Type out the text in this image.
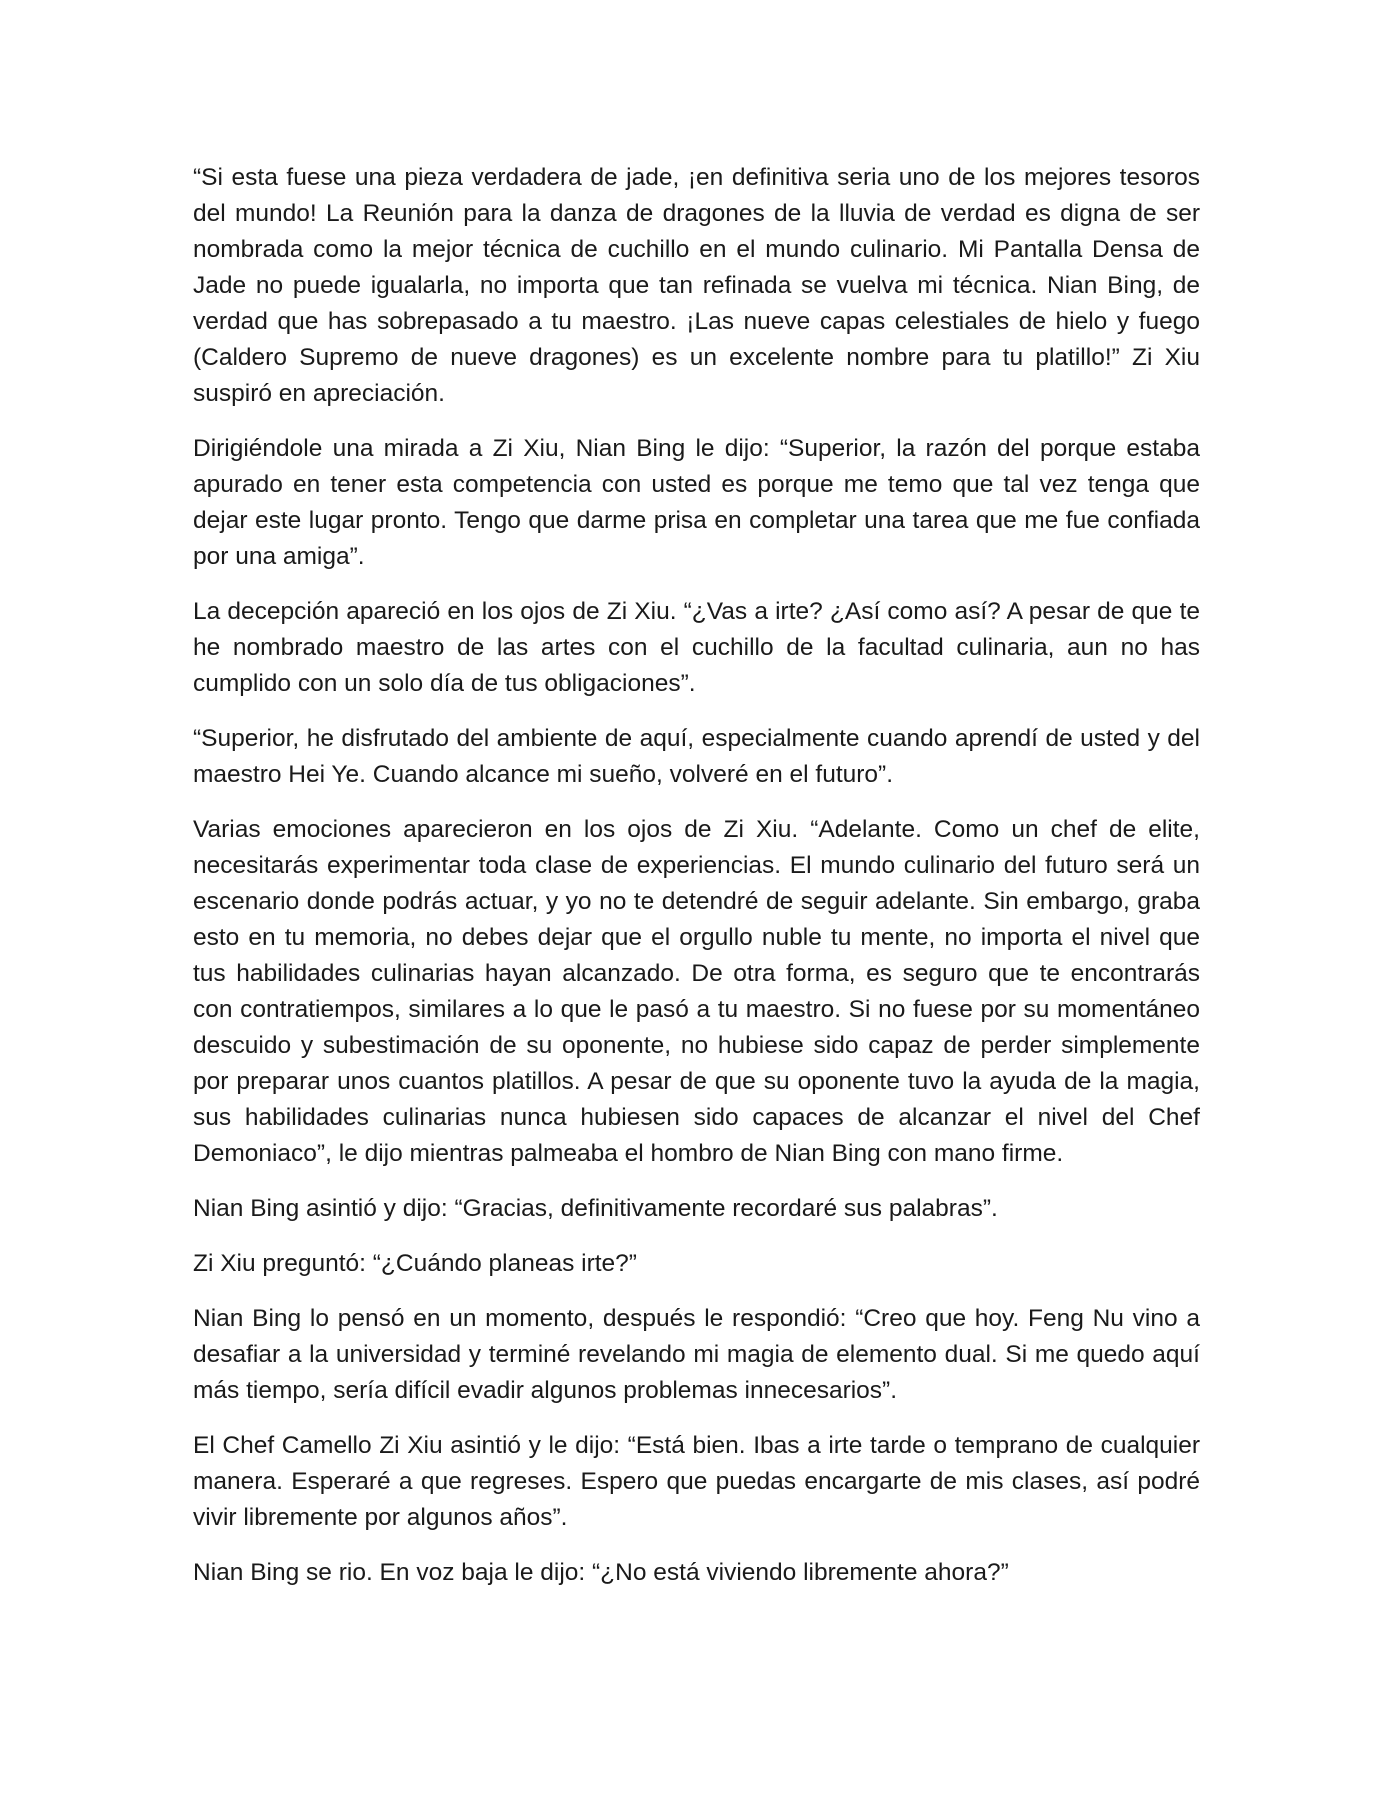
“Si esta fuese una pieza verdadera de jade, ¡en definitiva seria uno de los mejores tesoros del mundo! La Reunión para la danza de dragones de la lluvia de verdad es digna de ser nombrada como la mejor técnica de cuchillo en el mundo culinario. Mi Pantalla Densa de Jade no puede igualarla, no importa que tan refinada se vuelva mi técnica. Nian Bing, de verdad que has sobrepasado a tu maestro. ¡Las nueve capas celestiales de hielo y fuego (Caldero Supremo de nueve dragones) es un excelente nombre para tu platillo!” Zi Xiu suspiró en apreciación.

Dirigiéndole una mirada a Zi Xiu, Nian Bing le dijo: “Superior, la razón del porque estaba apurado en tener esta competencia con usted es porque me temo que tal vez tenga que dejar este lugar pronto. Tengo que darme prisa en completar una tarea que me fue confiada por una amiga”.

La decepción apareció en los ojos de Zi Xiu. “¿Vas a irte? ¿Así como así? A pesar de que te he nombrado maestro de las artes con el cuchillo de la facultad culinaria, aun no has cumplido con un solo día de tus obligaciones”.

“Superior, he disfrutado del ambiente de aquí, especialmente cuando aprendí de usted y del maestro Hei Ye. Cuando alcance mi sueño, volveré en el futuro”.

Varias emociones aparecieron en los ojos de Zi Xiu. “Adelante. Como un chef de elite, necesitarás experimentar toda clase de experiencias. El mundo culinario del futuro será un escenario donde podrás actuar, y yo no te detendré de seguir adelante. Sin embargo, graba esto en tu memoria, no debes dejar que el orgullo nuble tu mente, no importa el nivel que tus habilidades culinarias hayan alcanzado. De otra forma, es seguro que te encontrarás con contratiempos, similares a lo que le pasó a tu maestro. Si no fuese por su momentáneo descuido y subestimación de su oponente, no hubiese sido capaz de perder simplemente por preparar unos cuantos platillos. A pesar de que su oponente tuvo la ayuda de la magia, sus habilidades culinarias nunca hubiesen sido capaces de alcanzar el nivel del Chef Demoniaco”, le dijo mientras palmeaba el hombro de Nian Bing con mano firme.

Nian Bing asintió y dijo: “Gracias, definitivamente recordaré sus palabras”.

Zi Xiu preguntó: “¿Cuándo planeas irte?”

Nian Bing lo pensó en un momento, después le respondió: “Creo que hoy. Feng Nu vino a desafiar a la universidad y terminé revelando mi magia de elemento dual. Si me quedo aquí más tiempo, sería difícil evadir algunos problemas innecesarios”.

El Chef Camello Zi Xiu asintió y le dijo: “Está bien. Ibas a irte tarde o temprano de cualquier manera. Esperaré a que regreses. Espero que puedas encargarte de mis clases, así podré vivir libremente por algunos años”.

Nian Bing se rio. En voz baja le dijo: “¿No está viviendo libremente ahora?”
